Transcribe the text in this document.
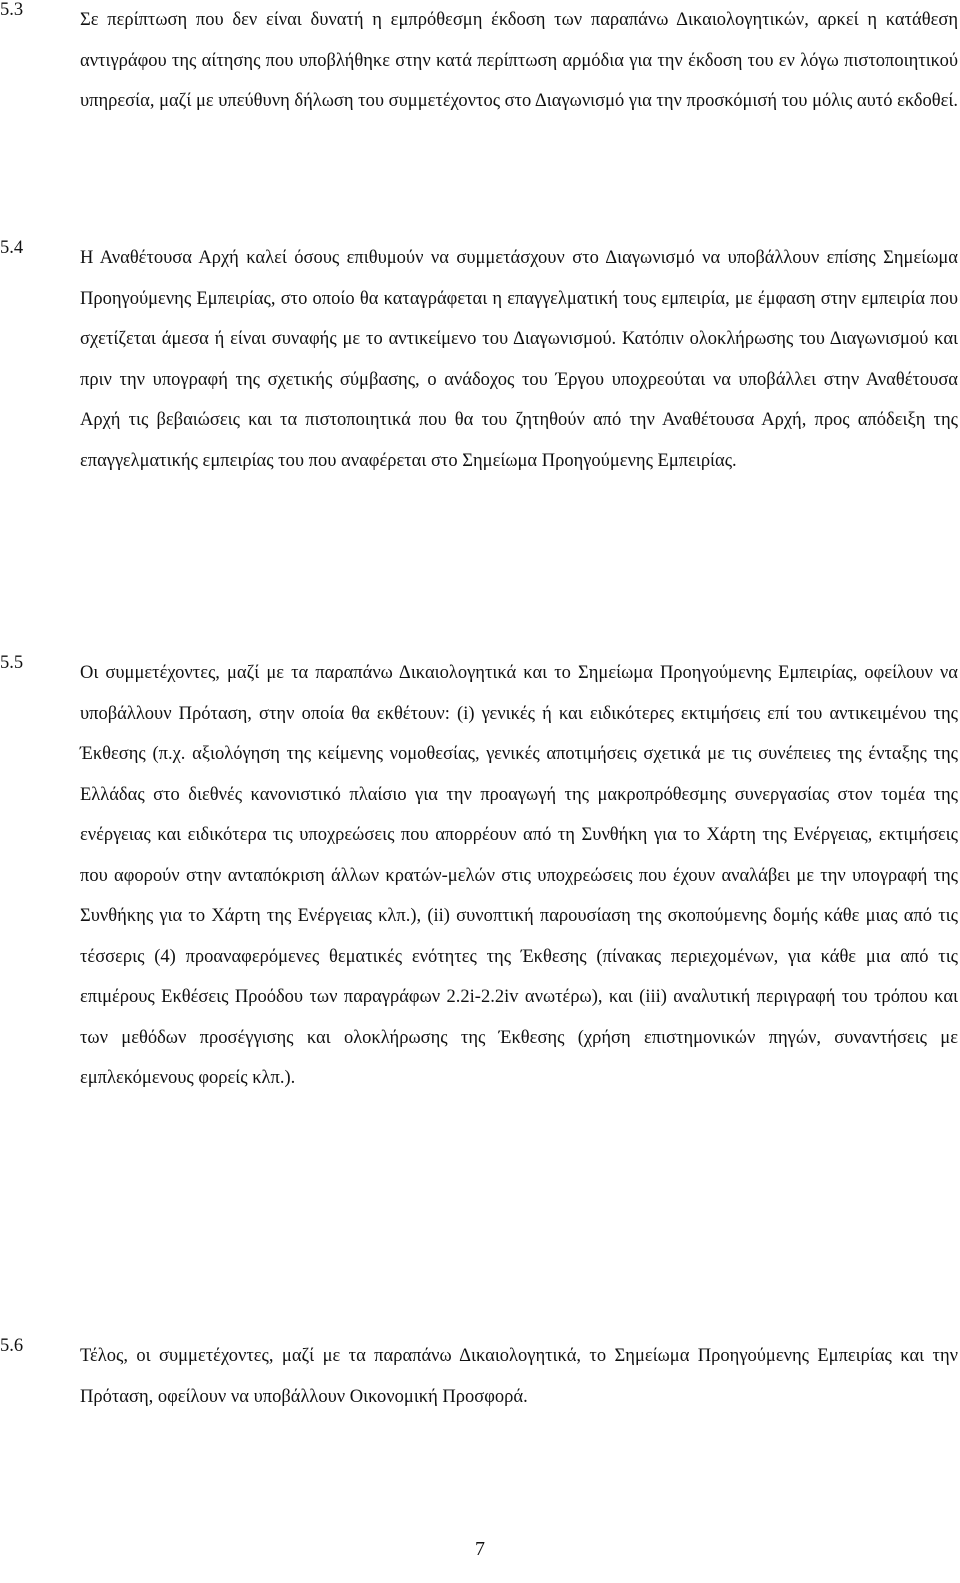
5.3	Σε περίπτωση που δεν είναι δυνατή η εμπρόθεσμη έκδοση των παραπάνω Δικαιολογητικών, αρκεί η κατάθεση αντιγράφου της αίτησης που υποβλήθηκε στην κατά περίπτωση αρμόδια για την έκδοση του εν λόγω πιστοποιητικού υπηρεσία, μαζί με υπεύθυνη δήλωση του συμμετέχοντος στο Διαγωνισμό για την προσκόμισή του μόλις αυτό εκδοθεί.
5.4	Η Αναθέτουσα Αρχή καλεί όσους επιθυμούν να συμμετάσχουν στο Διαγωνισμό να υποβάλλουν επίσης Σημείωμα Προηγούμενης Εμπειρίας, στο οποίο θα καταγράφεται η επαγγελματική τους εμπειρία, με έμφαση στην εμπειρία που σχετίζεται άμεσα ή είναι συναφής με το αντικείμενο του Διαγωνισμού. Κατόπιν ολοκλήρωσης του Διαγωνισμού και πριν την υπογραφή της σχετικής σύμβασης, ο ανάδοχος του Έργου υποχρεούται να υποβάλλει στην Αναθέτουσα Αρχή τις βεβαιώσεις και τα πιστοποιητικά που θα του ζητηθούν από την Αναθέτουσα Αρχή, προς απόδειξη της επαγγελματικής εμπειρίας του που αναφέρεται στο Σημείωμα Προηγούμενης Εμπειρίας.
5.5	Οι συμμετέχοντες, μαζί με τα παραπάνω Δικαιολογητικά και το Σημείωμα Προηγούμενης Εμπειρίας, οφείλουν να υποβάλλουν Πρόταση, στην οποία θα εκθέτουν: (i) γενικές ή και ειδικότερες εκτιμήσεις επί του αντικειμένου της Έκθεσης (π.χ. αξιολόγηση της κείμενης νομοθεσίας, γενικές αποτιμήσεις σχετικά με τις συνέπειες της ένταξης της Ελλάδας στο διεθνές κανονιστικό πλαίσιο για την προαγωγή της μακροπρόθεσμης συνεργασίας στον τομέα της ενέργειας και ειδικότερα τις υποχρεώσεις που απορρέουν από τη Συνθήκη για το Χάρτη της Ενέργειας, εκτιμήσεις που αφορούν στην ανταπόκριση άλλων κρατών-μελών στις υποχρεώσεις που έχουν αναλάβει με την υπογραφή της Συνθήκης για το Χάρτη της Ενέργειας κλπ.), (ii) συνοπτική παρουσίαση της σκοπούμενης δομής κάθε μιας από τις τέσσερις (4) προαναφερόμενες θεματικές ενότητες της Έκθεσης (πίνακας περιεχομένων, για κάθε μια από τις επιμέρους Εκθέσεις Προόδου των παραγράφων 2.2i-2.2iv ανωτέρω), και (iii) αναλυτική περιγραφή του τρόπου και των μεθόδων προσέγγισης και ολοκλήρωσης της Έκθεσης (χρήση επιστημονικών πηγών, συναντήσεις με εμπλεκόμενους φορείς κλπ.).
5.6	Τέλος, οι συμμετέχοντες, μαζί με τα παραπάνω Δικαιολογητικά, το Σημείωμα Προηγούμενης Εμπειρίας και την Πρόταση, οφείλουν να υποβάλλουν Οικονομική Προσφορά.
7
